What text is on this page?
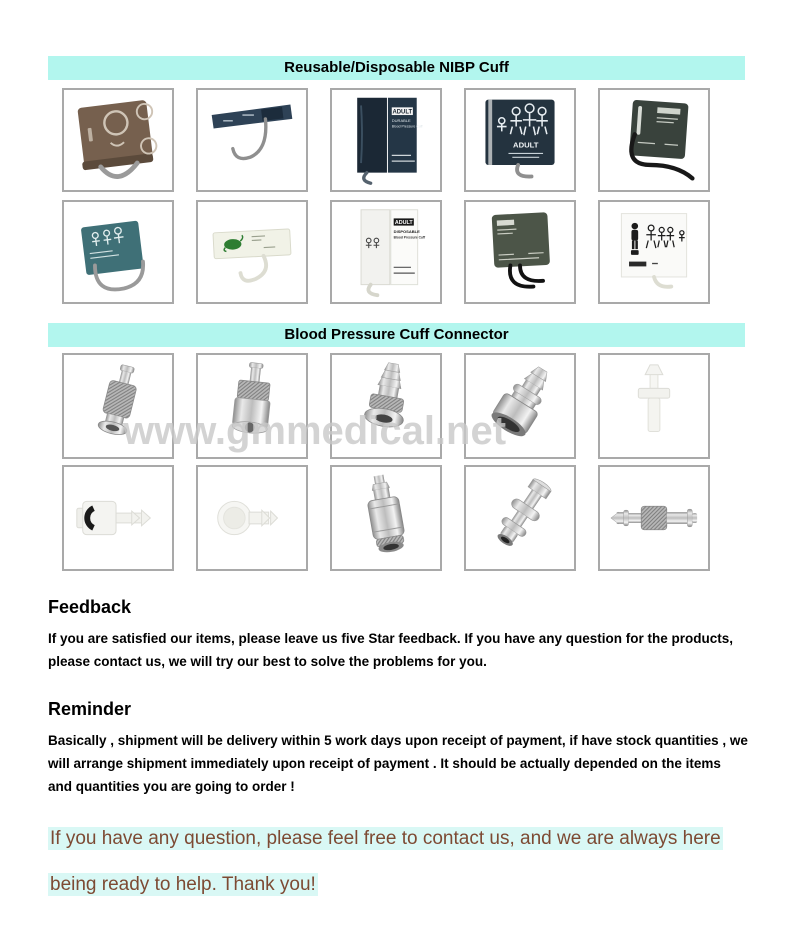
Reusable/Disposable NIBP Cuff
ADULT
DURABLE
Blood Pressure Cuff
ADULT
ADULT
DISPOSABLE
Blood Pressure Cuff
Blood Pressure Cuff Connector
www.gmmedical.net
Feedback

If you are satisfied our items, please leave us five Star feedback. If you have any question for the products, please contact us, we will try our best to solve the problems for you.

Reminder

Basically , shipment will be delivery within 5 work days upon receipt of payment, if have stock quantities , we will arrange shipment immediately upon receipt of payment . It should be actually depended on the items and quantities you are going to order !

If you have any question, please feel free to contact us, and we are always here

being ready to help. Thank you!
